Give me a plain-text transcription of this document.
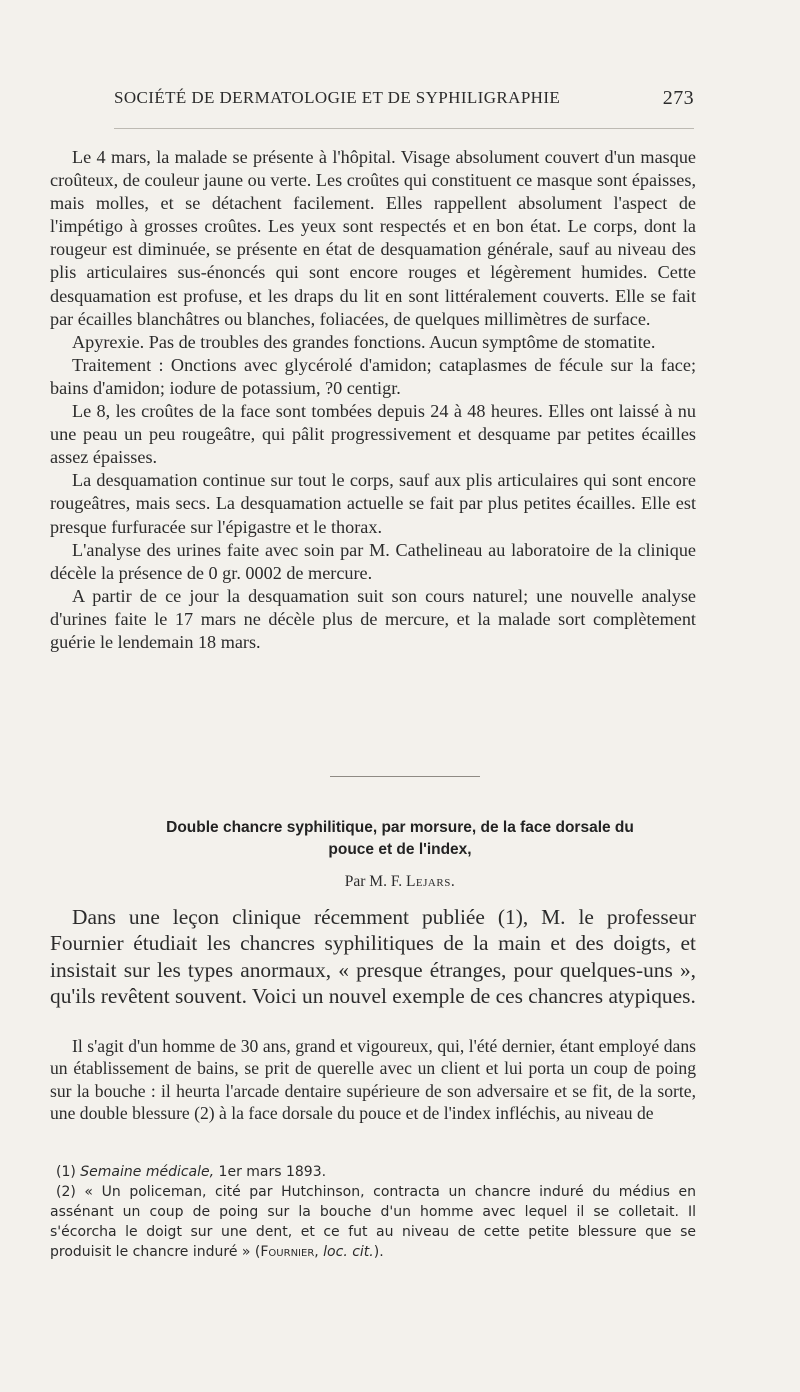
SOCIÉTÉ DE DERMATOLOGIE ET DE SYPHILIGRAPHIE	273

Le 4 mars, la malade se présente à l'hôpital. Visage absolument couvert d'un masque croûteux, de couleur jaune ou verte. Les croûtes qui constituent ce masque sont épaisses, mais molles, et se détachent facilement. Elles rappellent absolument l'aspect de l'impétigo à grosses croûtes. Les yeux sont respectés et en bon état. Le corps, dont la rougeur est diminuée, se présente en état de desquamation générale, sauf au niveau des plis articulaires sus-énoncés qui sont encore rouges et légèrement humides. Cette desquamation est profuse, et les draps du lit en sont littéralement couverts. Elle se fait par écailles blanchâtres ou blanches, foliacées, de quelques millimètres de surface.

Apyrexie. Pas de troubles des grandes fonctions. Aucun symptôme de stomatite.

Traitement : Onctions avec glycérolé d'amidon; cataplasmes de fécule sur la face; bains d'amidon; iodure de potassium, ?0 centigr.

Le 8, les croûtes de la face sont tombées depuis 24 à 48 heures. Elles ont laissé à nu une peau un peu rougeâtre, qui pâlit progressivement et desquame par petites écailles assez épaisses.

La desquamation continue sur tout le corps, sauf aux plis articulaires qui sont encore rougeâtres, mais secs. La desquamation actuelle se fait par plus petites écailles. Elle est presque furfuracée sur l'épigastre et le thorax.

L'analyse des urines faite avec soin par M. Cathelineau au laboratoire de la clinique décèle la présence de 0 gr. 0002 de mercure.

A partir de ce jour la desquamation suit son cours naturel; une nouvelle analyse d'urines faite le 17 mars ne décèle plus de mercure, et la malade sort complètement guérie le lendemain 18 mars.

Double chancre syphilitique, par morsure, de la face dorsale du
pouce et de l'index,
Par M. F. Lejars.

Dans une leçon clinique récemment publiée (1), M. le professeur Fournier étudiait les chancres syphilitiques de la main et des doigts, et insistait sur les types anormaux, « presque étranges, pour quelques-uns », qu'ils revêtent souvent. Voici un nouvel exemple de ces chancres atypiques.

Il s'agit d'un homme de 30 ans, grand et vigoureux, qui, l'été dernier, étant employé dans un établissement de bains, se prit de querelle avec un client et lui porta un coup de poing sur la bouche : il heurta l'arcade dentaire supérieure de son adversaire et se fit, de la sorte, une double blessure (2) à la face dorsale du pouce et de l'index infléchis, au niveau de

(1) Semaine médicale, 1er mars 1893.

(2) « Un policeman, cité par Hutchinson, contracta un chancre induré du médius en assénant un coup de poing sur la bouche d'un homme avec lequel il se colletait. Il s'écorcha le doigt sur une dent, et ce fut au niveau de cette petite blessure que se produisit le chancre induré » (Fournier, loc. cit.).
